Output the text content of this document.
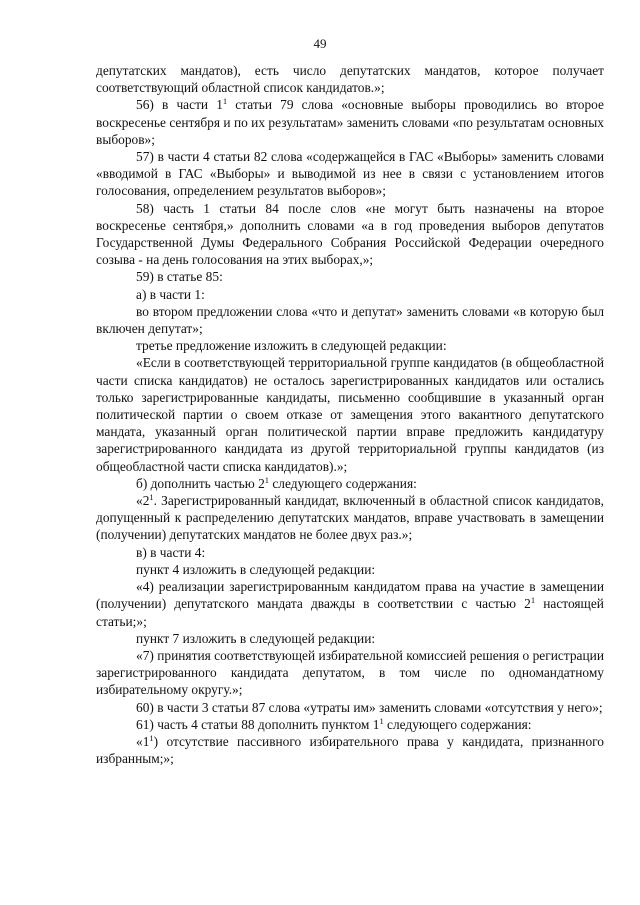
49

депутатских мандатов), есть число депутатских мандатов, которое получает соответствующий областной список кандидатов.»;

56) в части $1^1$ статьи 79 слова «основные выборы проводились во второе воскресенье сентября и по их результатам» заменить словами «по результатам основных выборов»;

57) в части 4 статьи 82 слова «содержащейся в ГАС «Выборы» заменить словами «вводимой в ГАС «Выборы» и выводимой из нее в связи с установлением итогов голосования, определением результатов выборов»;

58) часть 1 статьи 84 после слов «не могут быть назначены на второе воскресенье сентября,» дополнить словами «а в год проведения выборов депутатов Государственной Думы Федерального Собрания Российской Федерации очередного созыва - на день голосования на этих выборах,»;

59) в статье 85:

а) в части 1:

во втором предложении слова «что и депутат» заменить словами «в которую был включен депутат»;

третье предложение изложить в следующей редакции:

«Если в соответствующей территориальной группе кандидатов (в общеобластной части списка кандидатов) не осталось зарегистрированных кандидатов или остались только зарегистрированные кандидаты, письменно сообщившие в указанный орган политической партии о своем отказе от замещения этого вакантного депутатского мандата, указанный орган политической партии вправе предложить кандидатуру зарегистрированного кандидата из другой территориальной группы кандидатов (из общеобластной части списка кандидатов).»;

б) дополнить частью $2^1$ следующего содержания:

«$2^1$. Зарегистрированный кандидат, включенный в областной список кандидатов, допущенный к распределению депутатских мандатов, вправе участвовать в замещении (получении) депутатских мандатов не более двух раз.»;

в) в части 4:

пункт 4 изложить в следующей редакции:

«4) реализации зарегистрированным кандидатом права на участие в замещении (получении) депутатского мандата дважды в соответствии с частью $2^1$ настоящей статьи;»;

пункт 7 изложить в следующей редакции:

«7) принятия соответствующей избирательной комиссией решения о регистрации зарегистрированного кандидата депутатом, в том числе по одномандатному избирательному округу.»;

60) в части 3 статьи 87 слова «утраты им» заменить словами «отсутствия у него»;

61) часть 4 статьи 88 дополнить пунктом $1^1$ следующего содержания:

«$1^1$) отсутствие пассивного избирательного права у кандидата, признанного избранным;»;
